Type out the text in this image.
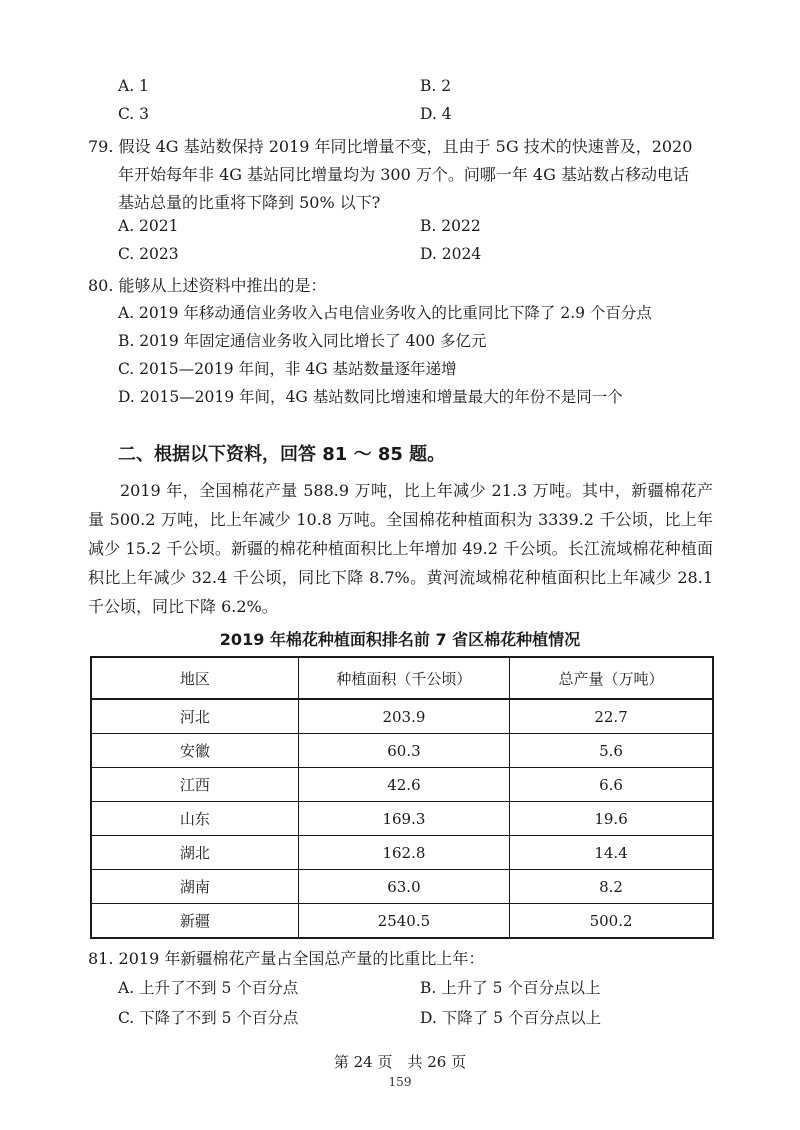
A. 1	B. 2
C. 3	D. 4
79. 假设 4G 基站数保持 2019 年同比增量不变，且由于 5G 技术的快速普及，2020
年开始每年非 4G 基站同比增量均为 300 万个。问哪一年 4G 基站数占移动电话
基站总量的比重将下降到 50% 以下?
A. 2021	B. 2022
C. 2023	D. 2024
80. 能够从上述资料中推出的是：
A. 2019 年移动通信业务收入占电信业务收入的比重同比下降了 2.9 个百分点
B. 2019 年固定通信业务收入同比增长了 400 多亿元
C. 2015—2019 年间，非 4G 基站数量逐年递增
D. 2015—2019 年间，4G 基站数同比增速和增量最大的年份不是同一个
二、根据以下资料，回答 81 ～ 85 题。
2019 年，全国棉花产量 588.9 万吨，比上年减少 21.3 万吨。其中，新疆棉花产量 500.2 万吨，比上年减少 10.8 万吨。全国棉花种植面积为 3339.2 千公顷，比上年减少 15.2 千公顷。新疆的棉花种植面积比上年增加 49.2 千公顷。长江流域棉花种植面积比上年减少 32.4 千公顷，同比下降 8.7%。黄河流域棉花种植面积比上年减少 28.1 千公顷，同比下降 6.2%。
2019 年棉花种植面积排名前 7 省区棉花种植情况
地区	种植面积（千公顷）	总产量（万吨）
河北	203.9	22.7
安徽	60.3	5.6
江西	42.6	6.6
山东	169.3	19.6
湖北	162.8	14.4
湖南	63.0	8.2
新疆	2540.5	500.2
81. 2019 年新疆棉花产量占全国总产量的比重比上年：
A. 上升了不到 5 个百分点	B. 上升了 5 个百分点以上
C. 下降了不到 5 个百分点	D. 下降了 5 个百分点以上
第 24 页　共 26 页
159
